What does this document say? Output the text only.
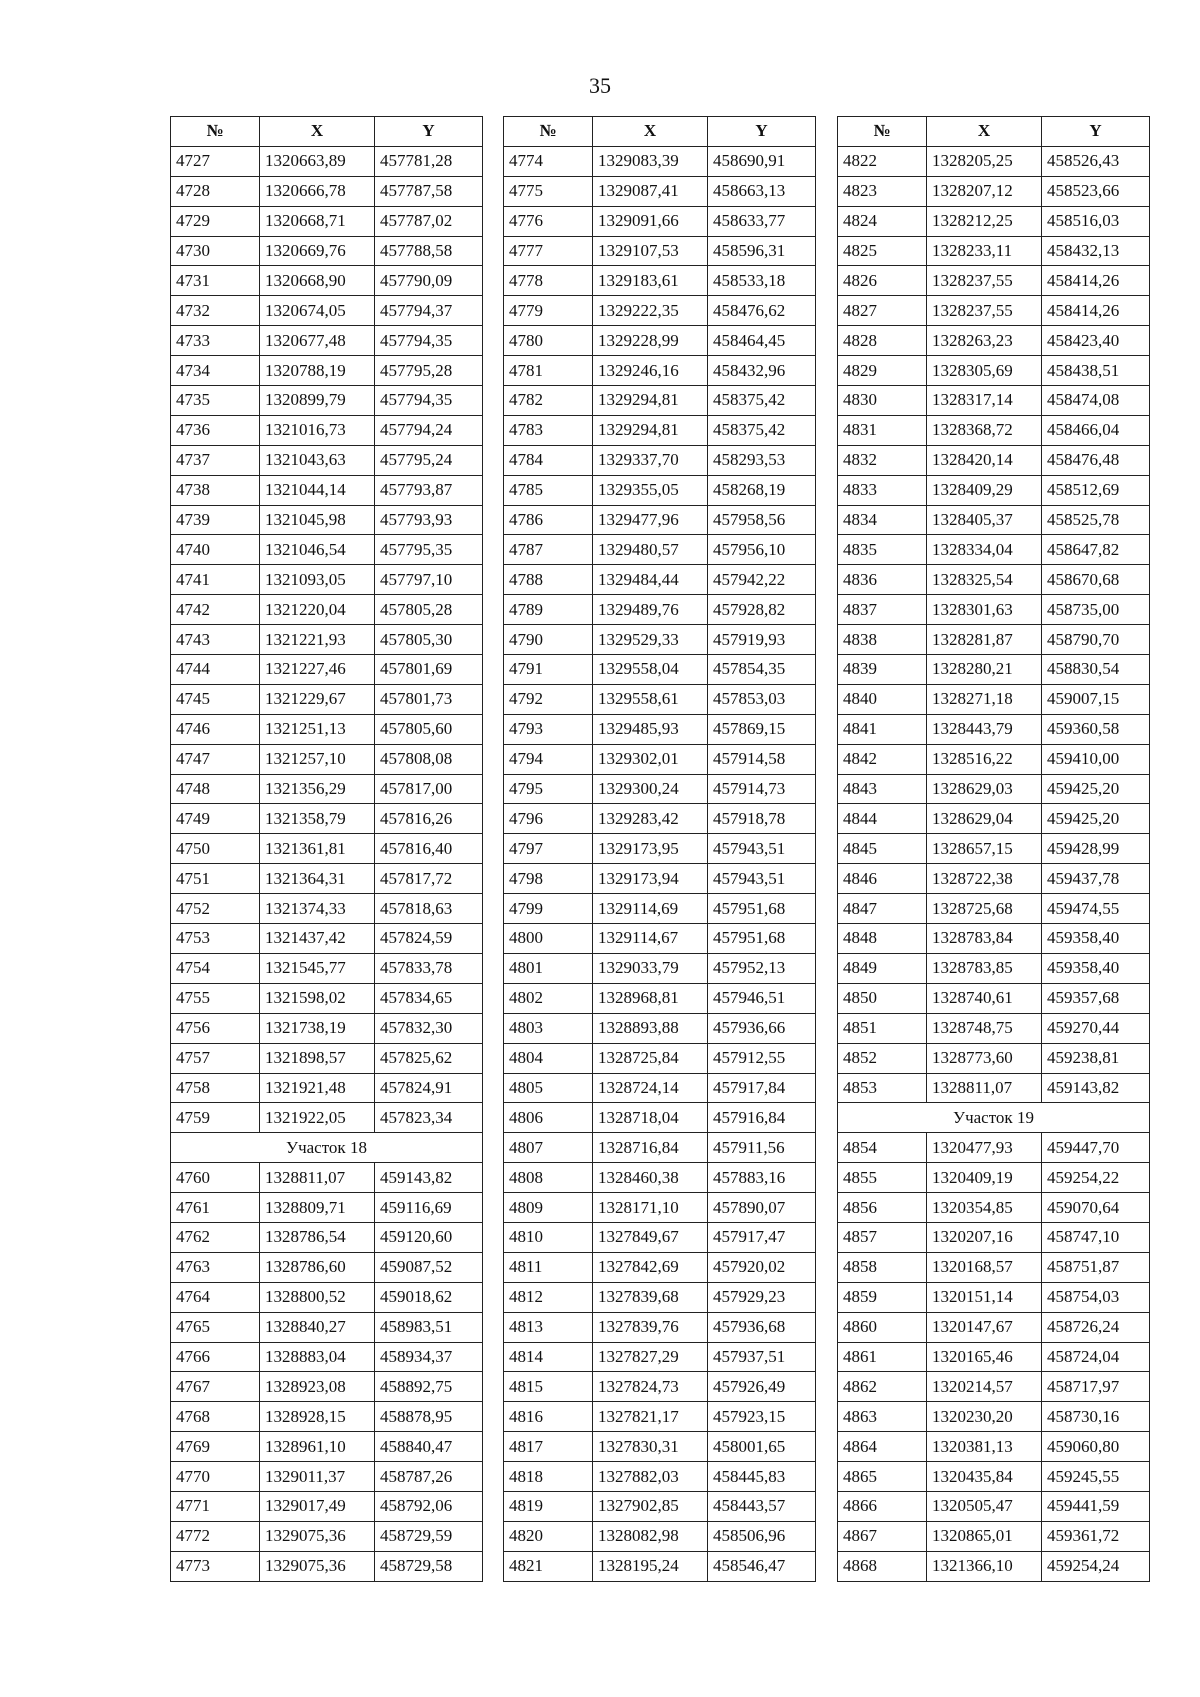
35
№	X	Y
4727	1320663,89	457781,28
4728	1320666,78	457787,58
4729	1320668,71	457787,02
4730	1320669,76	457788,58
4731	1320668,90	457790,09
4732	1320674,05	457794,37
4733	1320677,48	457794,35
4734	1320788,19	457795,28
4735	1320899,79	457794,35
4736	1321016,73	457794,24
4737	1321043,63	457795,24
4738	1321044,14	457793,87
4739	1321045,98	457793,93
4740	1321046,54	457795,35
4741	1321093,05	457797,10
4742	1321220,04	457805,28
4743	1321221,93	457805,30
4744	1321227,46	457801,69
4745	1321229,67	457801,73
4746	1321251,13	457805,60
4747	1321257,10	457808,08
4748	1321356,29	457817,00
4749	1321358,79	457816,26
4750	1321361,81	457816,40
4751	1321364,31	457817,72
4752	1321374,33	457818,63
4753	1321437,42	457824,59
4754	1321545,77	457833,78
4755	1321598,02	457834,65
4756	1321738,19	457832,30
4757	1321898,57	457825,62
4758	1321921,48	457824,91
4759	1321922,05	457823,34
Участок 18		
4760	1328811,07	459143,82
4761	1328809,71	459116,69
4762	1328786,54	459120,60
4763	1328786,60	459087,52
4764	1328800,52	459018,62
4765	1328840,27	458983,51
4766	1328883,04	458934,37
4767	1328923,08	458892,75
4768	1328928,15	458878,95
4769	1328961,10	458840,47
4770	1329011,37	458787,26
4771	1329017,49	458792,06
4772	1329075,36	458729,59
4773	1329075,36	458729,58
№	X	Y
4774	1329083,39	458690,91
4775	1329087,41	458663,13
4776	1329091,66	458633,77
4777	1329107,53	458596,31
4778	1329183,61	458533,18
4779	1329222,35	458476,62
4780	1329228,99	458464,45
4781	1329246,16	458432,96
4782	1329294,81	458375,42
4783	1329294,81	458375,42
4784	1329337,70	458293,53
4785	1329355,05	458268,19
4786	1329477,96	457958,56
4787	1329480,57	457956,10
4788	1329484,44	457942,22
4789	1329489,76	457928,82
4790	1329529,33	457919,93
4791	1329558,04	457854,35
4792	1329558,61	457853,03
4793	1329485,93	457869,15
4794	1329302,01	457914,58
4795	1329300,24	457914,73
4796	1329283,42	457918,78
4797	1329173,95	457943,51
4798	1329173,94	457943,51
4799	1329114,69	457951,68
4800	1329114,67	457951,68
4801	1329033,79	457952,13
4802	1328968,81	457946,51
4803	1328893,88	457936,66
4804	1328725,84	457912,55
4805	1328724,14	457917,84
4806	1328718,04	457916,84
4807	1328716,84	457911,56
4808	1328460,38	457883,16
4809	1328171,10	457890,07
4810	1327849,67	457917,47
4811	1327842,69	457920,02
4812	1327839,68	457929,23
4813	1327839,76	457936,68
4814	1327827,29	457937,51
4815	1327824,73	457926,49
4816	1327821,17	457923,15
4817	1327830,31	458001,65
4818	1327882,03	458445,83
4819	1327902,85	458443,57
4820	1328082,98	458506,96
4821	1328195,24	458546,47
№	X	Y
4822	1328205,25	458526,43
4823	1328207,12	458523,66
4824	1328212,25	458516,03
4825	1328233,11	458432,13
4826	1328237,55	458414,26
4827	1328237,55	458414,26
4828	1328263,23	458423,40
4829	1328305,69	458438,51
4830	1328317,14	458474,08
4831	1328368,72	458466,04
4832	1328420,14	458476,48
4833	1328409,29	458512,69
4834	1328405,37	458525,78
4835	1328334,04	458647,82
4836	1328325,54	458670,68
4837	1328301,63	458735,00
4838	1328281,87	458790,70
4839	1328280,21	458830,54
4840	1328271,18	459007,15
4841	1328443,79	459360,58
4842	1328516,22	459410,00
4843	1328629,03	459425,20
4844	1328629,04	459425,20
4845	1328657,15	459428,99
4846	1328722,38	459437,78
4847	1328725,68	459474,55
4848	1328783,84	459358,40
4849	1328783,85	459358,40
4850	1328740,61	459357,68
4851	1328748,75	459270,44
4852	1328773,60	459238,81
4853	1328811,07	459143,82
Участок 19		
4854	1320477,93	459447,70
4855	1320409,19	459254,22
4856	1320354,85	459070,64
4857	1320207,16	458747,10
4858	1320168,57	458751,87
4859	1320151,14	458754,03
4860	1320147,67	458726,24
4861	1320165,46	458724,04
4862	1320214,57	458717,97
4863	1320230,20	458730,16
4864	1320381,13	459060,80
4865	1320435,84	459245,55
4866	1320505,47	459441,59
4867	1320865,01	459361,72
4868	1321366,10	459254,24
